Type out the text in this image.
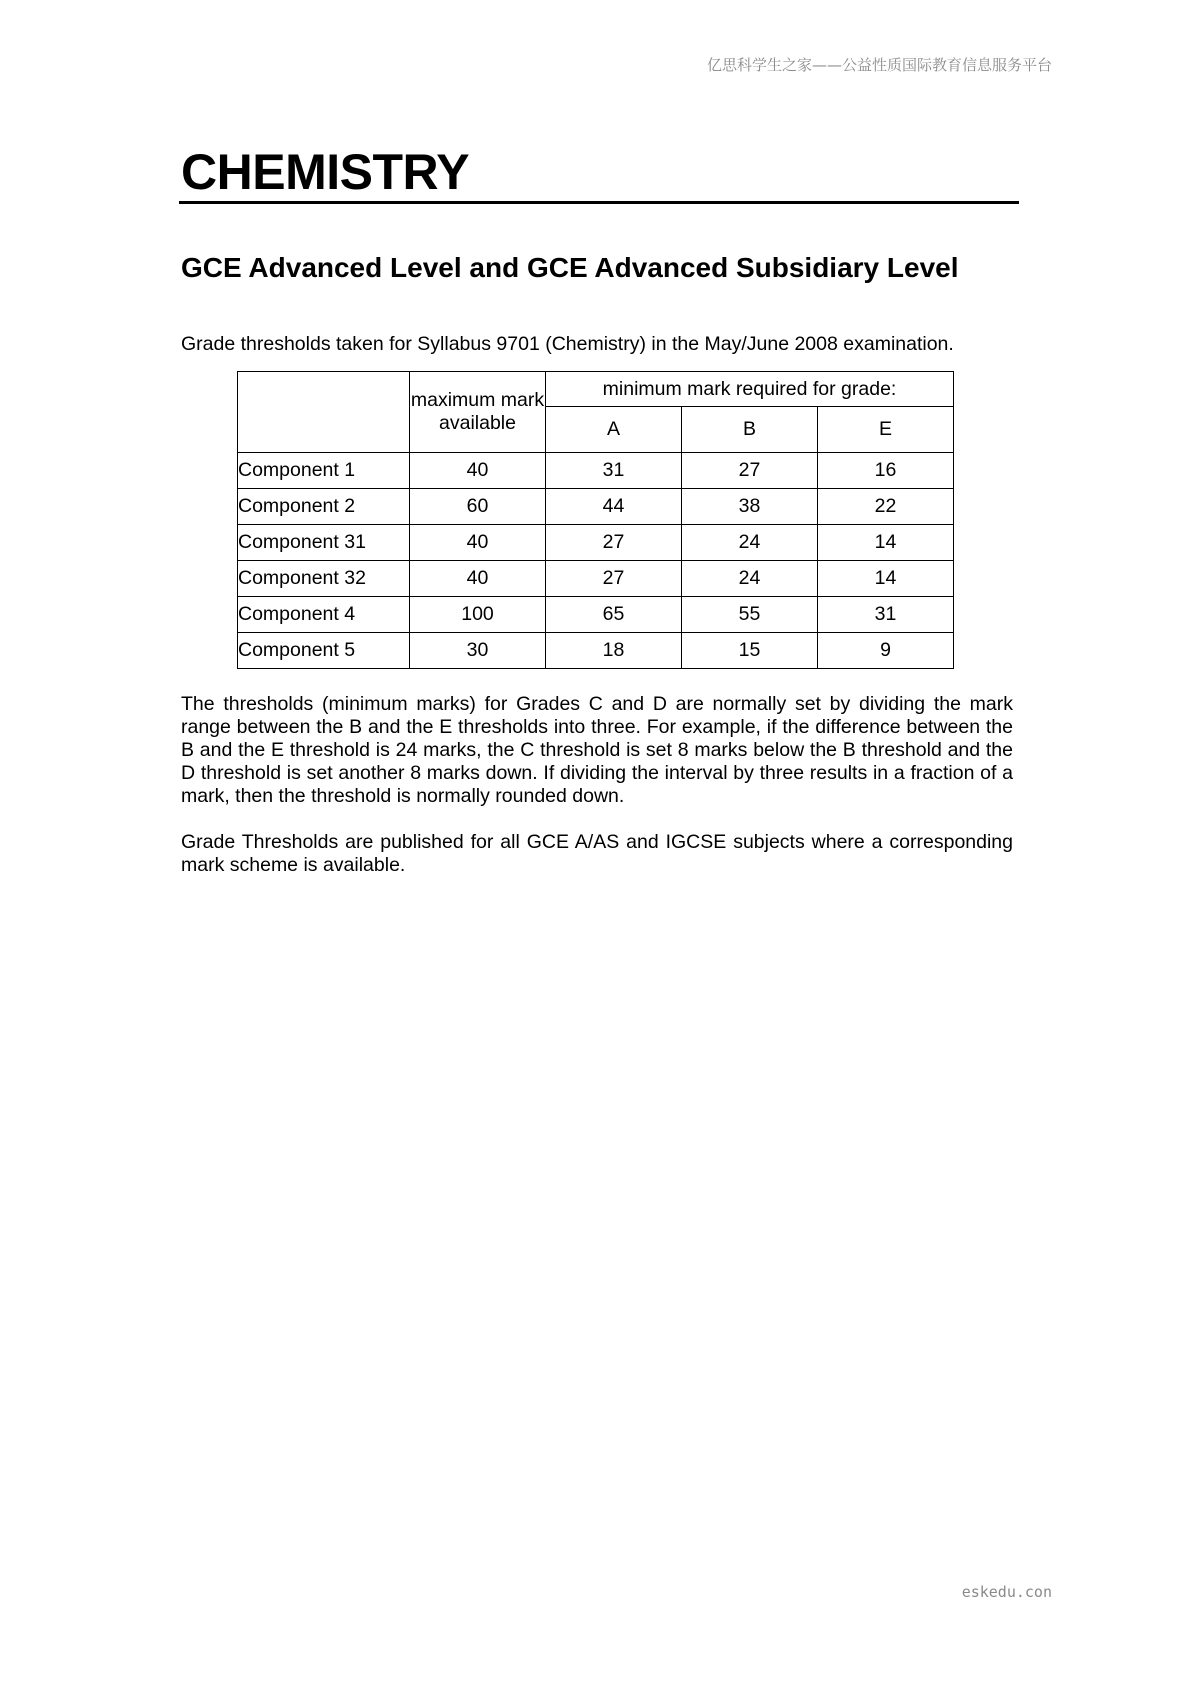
亿思科学生之家——公益性质国际教育信息服务平台
CHEMISTRY
GCE Advanced Level and GCE Advanced Subsidiary Level

Grade thresholds taken for Syllabus 9701 (Chemistry) in the May/June 2008 examination.

	maximum mark available	minimum mark required for grade:		
		A	B	E
Component 1	40	31	27	16
Component 2	60	44	38	22
Component 31	40	27	24	14
Component 32	40	27	24	14
Component 4	100	65	55	31
Component 5	30	18	15	9

The thresholds (minimum marks) for Grades C and D are normally set by dividing the mark range between the B and the E thresholds into three. For example, if the difference between the B and the E threshold is 24 marks, the C threshold is set 8 marks below the B threshold and the D threshold is set another 8 marks down. If dividing the interval by three results in a fraction of a mark, then the threshold is normally rounded down.

Grade Thresholds are published for all GCE A/AS and IGCSE subjects where a corresponding mark scheme is available.

eskedu.con
